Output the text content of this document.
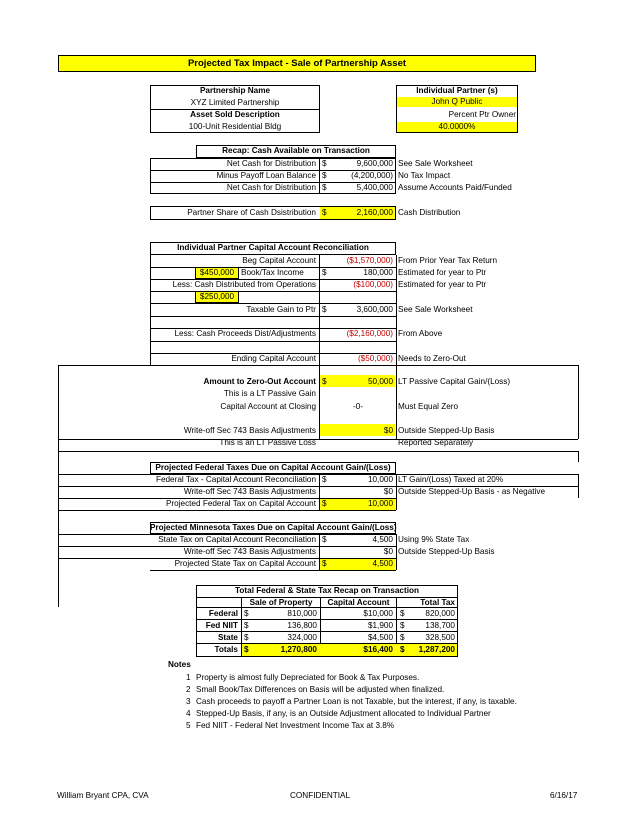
Projected Tax Impact - Sale of Partnership Asset
Partnership Name
XYZ Limited Partnership
Asset Sold Description
100-Unit Residential Bldg
Individual Partner (s)
John Q Public
Percent Ptr Owner
40.0000%
Recap: Cash Available on Transaction
Net Cash for Distribution $	9,600,000 See Sale Worksheet
Minus Payoff Loan Balance $	(4,200,000) No Tax Impact
Net Cash for Distribution $	5,400,000 Assume Accounts Paid/Funded
Partner Share of Cash Dsistribution $	2,160,000 Cash Distribution
Individual Partner Capital Account Reconciliation
Beg Capital Account	($1,570,000) From Prior Year Tax Return
$450,000 Book/Tax Income $	180,000 Estimated for year to Ptr
Less: Cash Distributed from Operations	($100,000) Estimated for year to Ptr
$250,000
Taxable Gain to Ptr $	3,600,000 See Sale Worksheet
Less: Cash Proceeds Dist/Adjustments	($2,160,000) From Above
Ending Capital Account	($50,000) Needs to Zero-Out
Amount to Zero-Out Account $	50,000 LT Passive Capital Gain/(Loss)
This is a LT Passive Gain
Capital Account at Closing	-0-	Must Equal Zero
Write-off Sec 743 Basis Adjustments	$0 Outside Stepped-Up Basis
This is an LT Passive Loss	Reported Separately
Projected Federal Taxes Due on Capital Account Gain/(Loss)
Federal Tax - Capital Account Reconciliation $	10,000 LT Gain/(Loss) Taxed at 20%
Write-off Sec 743 Basis Adjustments	$0 Outside Stepped-Up Basis - as Negative
Projected Federal Tax on Capital Account $	10,000
Projected Minnesota Taxes Due on Capital Account Gain/(Loss)
State Tax on Capital Account Reconciliation $	4,500 Using 9% State Tax
Write-off Sec 743 Basis Adjustments	$0 Outside Stepped-Up Basis
Projected State Tax on Capital Account $	4,500
Total Federal & State Tax Recap on Transaction
Sale of Property	Capital Account	Total Tax
Federal $	810,000	$10,000 $	820,000
Fed NIIT $	136,800	$1,900 $	138,700
State $	324,000	$4,500 $	328,500
Totals $	1,270,800	$16,400 $	1,287,200
Notes
1 Property is almost fully Depreciated for Book & Tax Purposes.
2 Small Book/Tax Differences on Basis will be adjusted when finalized.
3 Cash proceeds to payoff a Partner Loan is not Taxable, but the interest, if any, is taxable.
4 Stepped-Up Basis, if any, is an Outside Adjustment allocated to Individual Partner
5 Fed NIIT - Federal Net Investment Income Tax at 3.8%
William Bryant CPA, CVA	CONFIDENTIAL	6/16/17
